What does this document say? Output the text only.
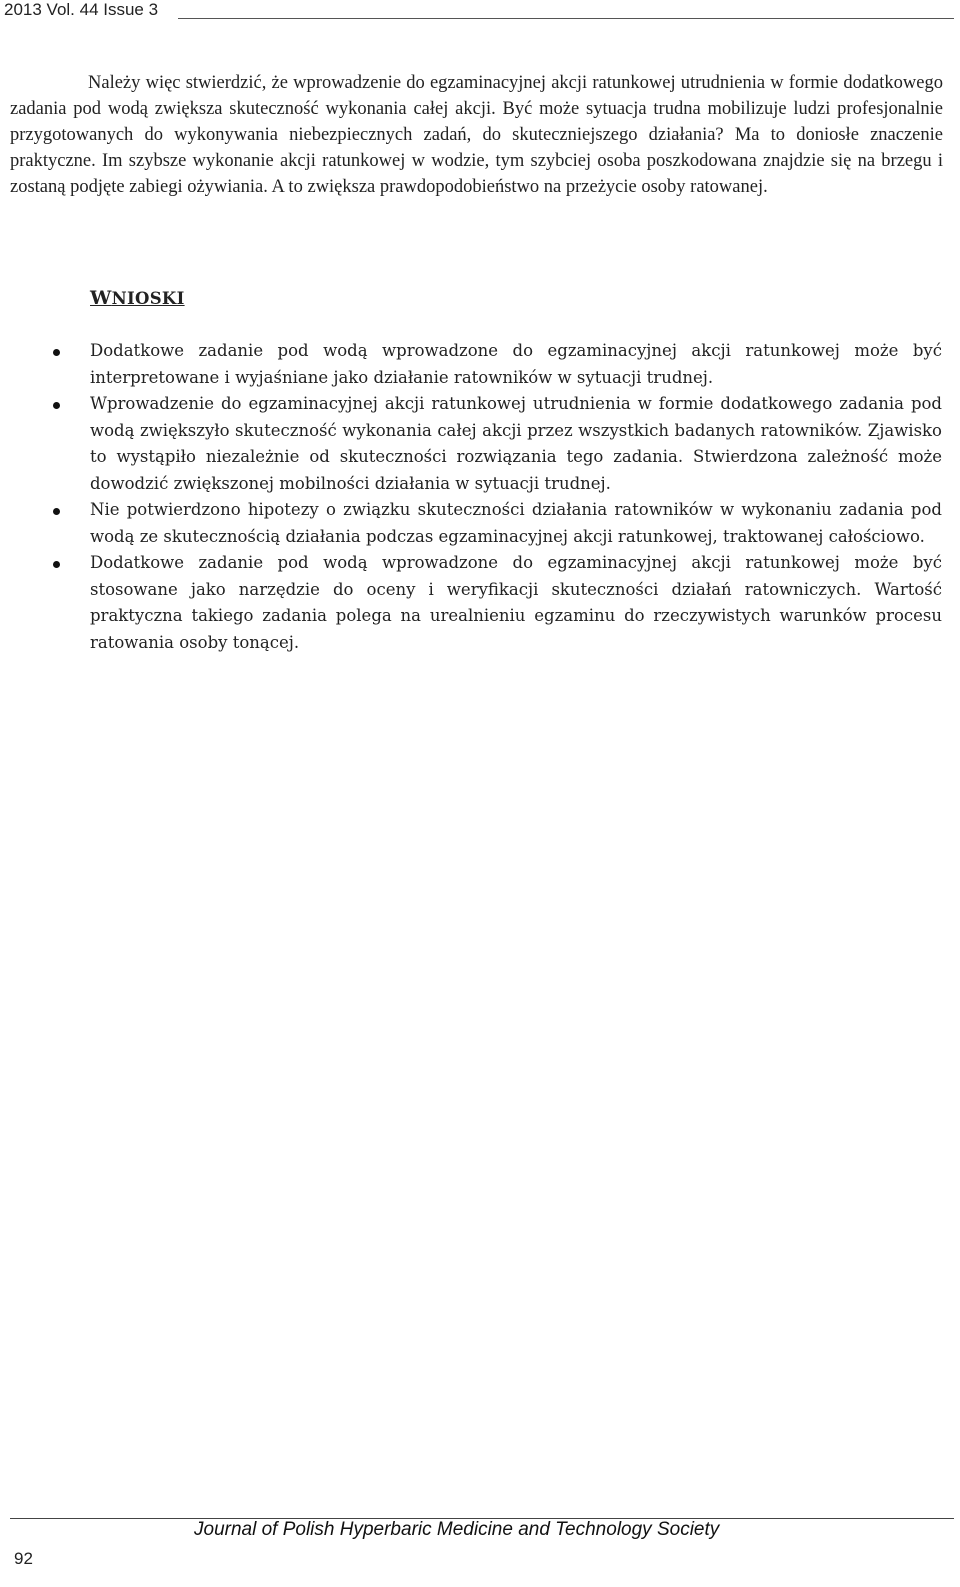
2013 Vol. 44 Issue 3

Należy więc stwierdzić, że wprowadzenie do egzaminacyjnej akcji ratunkowej utrudnienia w formie dodatkowego zadania pod wodą zwiększa skuteczność wykonania całej akcji. Być może sytuacja trudna mobilizuje ludzi profesjonalnie przygotowanych do wykonywania niebezpiecznych zadań, do skuteczniejszego działania? Ma to doniosłe znaczenie praktyczne. Im szybsze wykonanie akcji ratunkowej w wodzie, tym szybciej osoba poszkodowana znajdzie się na brzegu i zostaną podjęte zabiegi ożywiania. A to zwiększa prawdopodobieństwo na przeżycie osoby ratowanej.

WNIOSKI
Dodatkowe zadanie pod wodą wprowadzone do egzaminacyjnej akcji ratunkowej może być interpretowane i wyjaśniane jako działanie ratowników w sytuacji trudnej.
Wprowadzenie do egzaminacyjnej akcji ratunkowej utrudnienia w formie dodatkowego zadania pod wodą zwiększyło skuteczność wykonania całej akcji przez wszystkich badanych ratowników. Zjawisko to wystąpiło niezależnie od skuteczności rozwiązania tego zadania. Stwierdzona zależność może dowodzić zwiększonej mobilności działania w sytuacji trudnej.
Nie potwierdzono hipotezy o związku skuteczności działania ratowników w wykonaniu zadania pod wodą ze skutecznością działania podczas egzaminacyjnej akcji ratunkowej, traktowanej całościowo.
Dodatkowe zadanie pod wodą wprowadzone do egzaminacyjnej akcji ratunkowej może być stosowane jako narzędzie do oceny i weryfikacji skuteczności działań ratowniczych. Wartość praktyczna takiego zadania polega na urealnieniu egzaminu do rzeczywistych warunków procesu ratowania osoby tonącej.
Journal of Polish Hyperbaric Medicine and Technology Society
92
